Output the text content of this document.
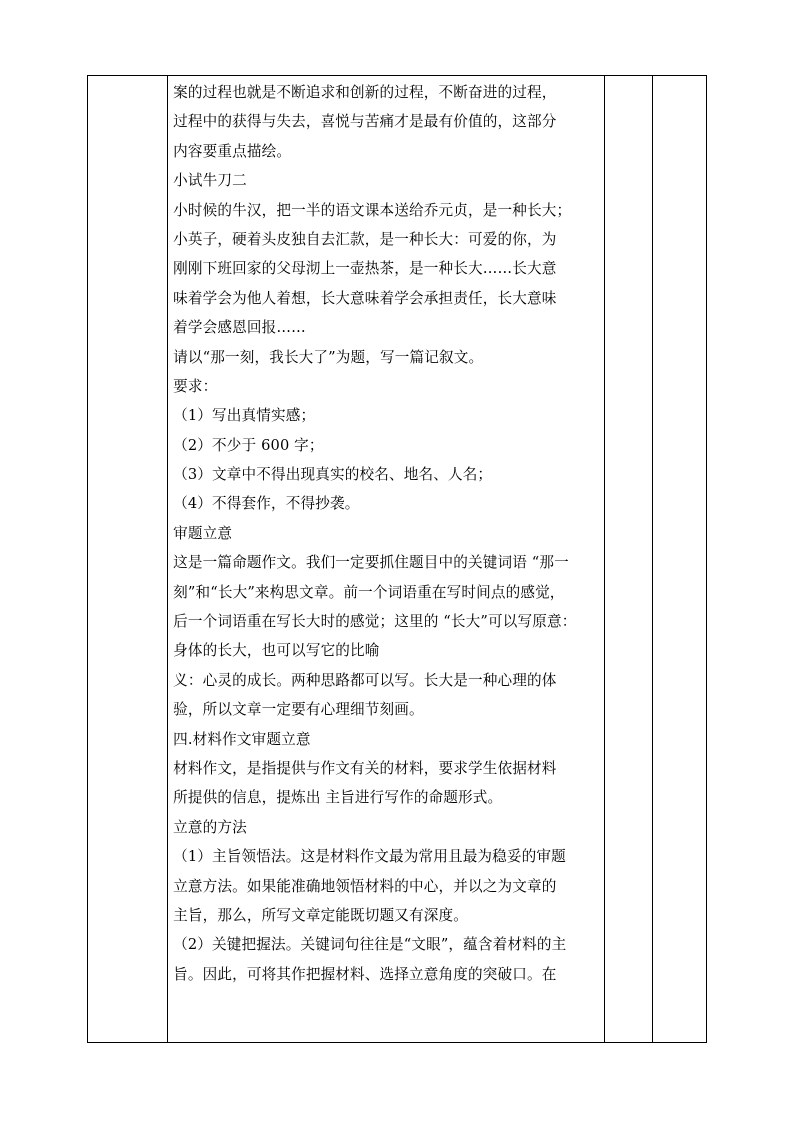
案的过程也就是不断追求和创新的过程，不断奋进的过程，
过程中的获得与失去，喜悦与苦痛才是最有价值的，这部分
内容要重点描绘。
小试牛刀二
小时候的牛汉，把一半的语文课本送给乔元贞，是一种长大；
小英子，硬着头皮独自去汇款，是一种长大：可爱的你，为
刚刚下班回家的父母沏上一壶热茶，是一种长大……长大意
味着学会为他人着想，长大意味着学会承担责任，长大意味
着学会感恩回报……
请以“那一刻，我长大了”为题，写一篇记叙文。
要求：
（1）写出真情实感；
（2）不少于 600 字；
（3）文章中不得出现真实的校名、地名、人名；
（4）不得套作，不得抄袭。
审题立意
这是一篇命题作文。我们一定要抓住题目中的关键词语 “那一
刻”和“长大”来构思文章。前一个词语重在写时间点的感觉，
后一个词语重在写长大时的感觉；这里的 “长大”可以写原意：
身体的长大，也可以写它的比喻
义：心灵的成长。两种思路都可以写。长大是一种心理的体
验，所以文章一定要有心理细节刻画。
四.材料作文审题立意
材料作文，是指提供与作文有关的材料，要求学生依据材料
所提供的信息，提炼出 主旨进行写作的命题形式。
立意的方法
（1）主旨领悟法。这是材料作文最为常用且最为稳妥的审题
立意方法。如果能准确地领悟材料的中心，并以之为文章的
主旨，那么，所写文章定能既切题又有深度。
（2）关键把握法。关键词句往往是“文眼”，蕴含着材料的主
旨。因此，可将其作把握材料、选择立意角度的突破口。在
